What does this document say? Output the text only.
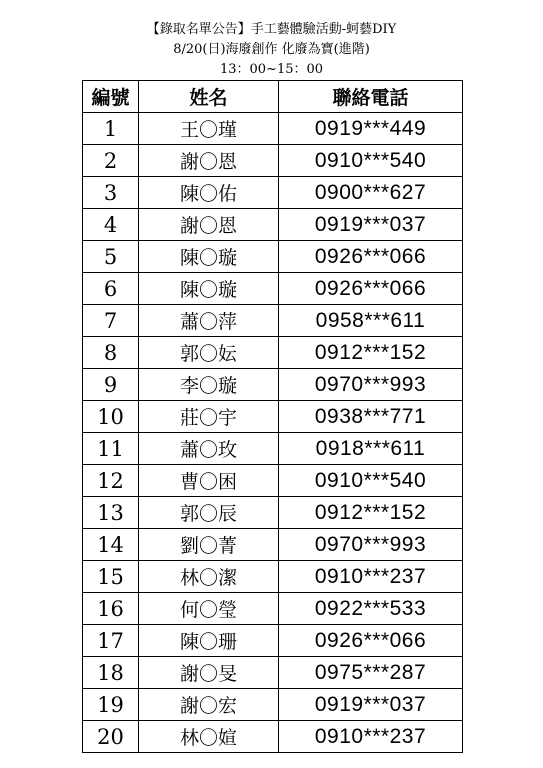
【錄取名單公告】手工藝體驗活動-蚵藝DIY
8/20(日)海廢創作 化廢為寶(進階)
13：00~15：00
編號	姓名	聯絡電話
1	王〇瑾	0919***449
2	謝〇恩	0910***540
3	陳〇佑	0900***627
4	謝〇恩	0919***037
5	陳〇璇	0926***066
6	陳〇璇	0926***066
7	蕭〇萍	0958***611
8	郭〇妘	0912***152
9	李〇璇	0970***993
10	莊〇宇	0938***771
11	蕭〇玫	0918***611
12	曹〇困	0910***540
13	郭〇辰	0912***152
14	劉〇菁	0970***993
15	林〇潔	0910***237
16	何〇瑩	0922***533
17	陳〇珊	0926***066
18	謝〇旻	0975***287
19	謝〇宏	0919***037
20	林〇媗	0910***237
